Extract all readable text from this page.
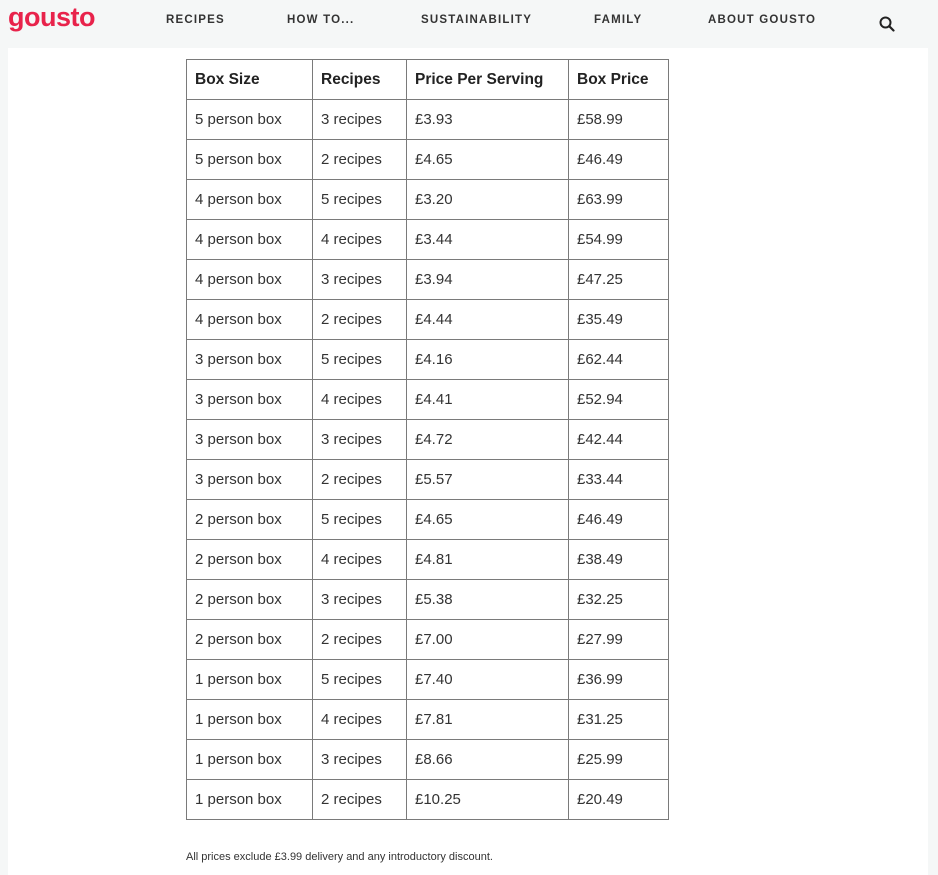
gousto	RECIPES	HOW TO...	SUSTAINABILITY	FAMILY	ABOUT GOUSTO
Box Size	Recipes	Price Per Serving	Box Price
5 person box	3 recipes	£3.93	£58.99
5 person box	2 recipes	£4.65	£46.49
4 person box	5 recipes	£3.20	£63.99
4 person box	4 recipes	£3.44	£54.99
4 person box	3 recipes	£3.94	£47.25
4 person box	2 recipes	£4.44	£35.49
3 person box	5 recipes	£4.16	£62.44
3 person box	4 recipes	£4.41	£52.94
3 person box	3 recipes	£4.72	£42.44
3 person box	2 recipes	£5.57	£33.44
2 person box	5 recipes	£4.65	£46.49
2 person box	4 recipes	£4.81	£38.49
2 person box	3 recipes	£5.38	£32.25
2 person box	2 recipes	£7.00	£27.99
1 person box	5 recipes	£7.40	£36.99
1 person box	4 recipes	£7.81	£31.25
1 person box	3 recipes	£8.66	£25.99
1 person box	2 recipes	£10.25	£20.49
All prices exclude £3.99 delivery and any introductory discount.
